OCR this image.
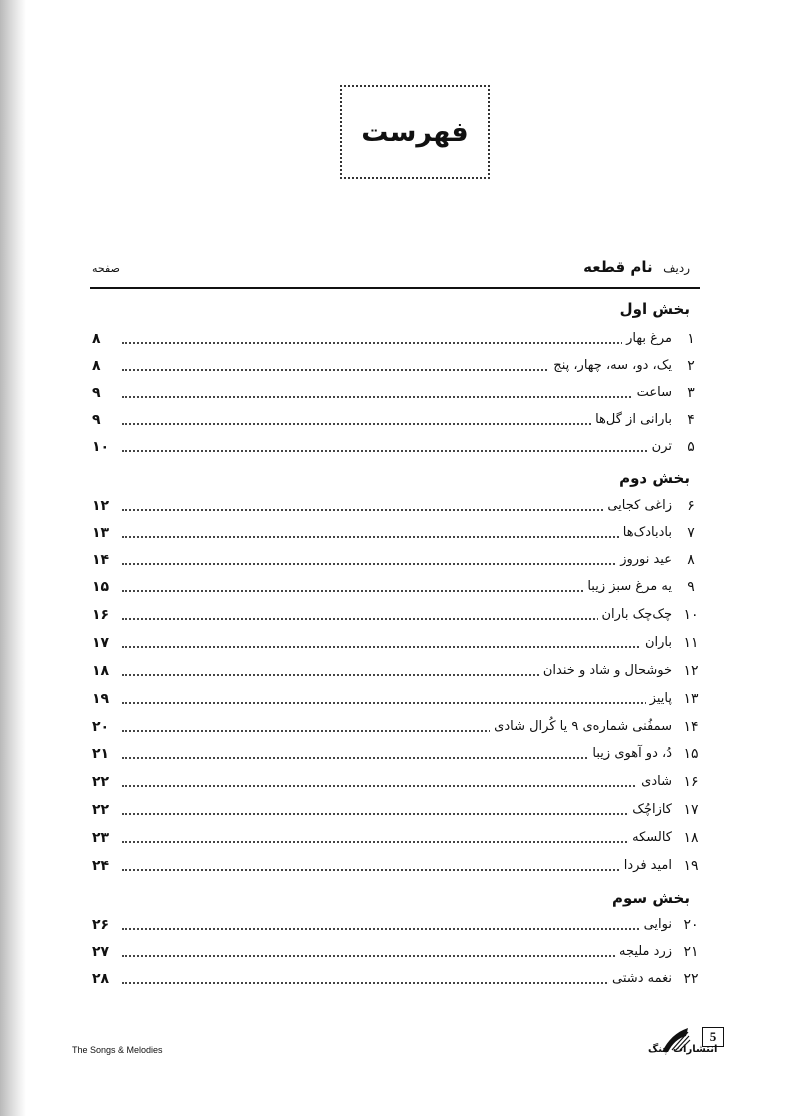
فهرست
ردیف نام قطعه
صفحه
بخش اول
۱
مرغ بهار
۸
۲
یک، دو، سه، چهار، پنج
۸
۳
ساعت
۹
۴
بارانی از گل‌ها
۹
۵
ترن
۱۰
بخش دوم
۶
زاغی کجایی
۱۲
۷
بادبادک‌ها
۱۳
۸
عید نوروز
۱۴
۹
یه مرغ سبز زیبا
۱۵
۱۰
چک‌چک باران
۱۶
۱۱
باران
۱۷
۱۲
خوشحال و شاد و خندان
۱۸
۱۳
پاییز
۱۹
۱۴
سمفُنی شماره‌ی ۹ یا کُرال شادی
۲۰
۱۵
دُ، دو آهوی زیبا
۲۱
۱۶
شادی
۲۲
۱۷
کازاچُک
۲۲
۱۸
کالسکه
۲۳
۱۹
امید فردا
۲۴
بخش سوم
۲۰
نوایی
۲۶
۲۱
زرد ملیجه
۲۷
۲۲
نغمه دشتی
۲۸
The Songs & Melodies	انتشارات چنگ
5
